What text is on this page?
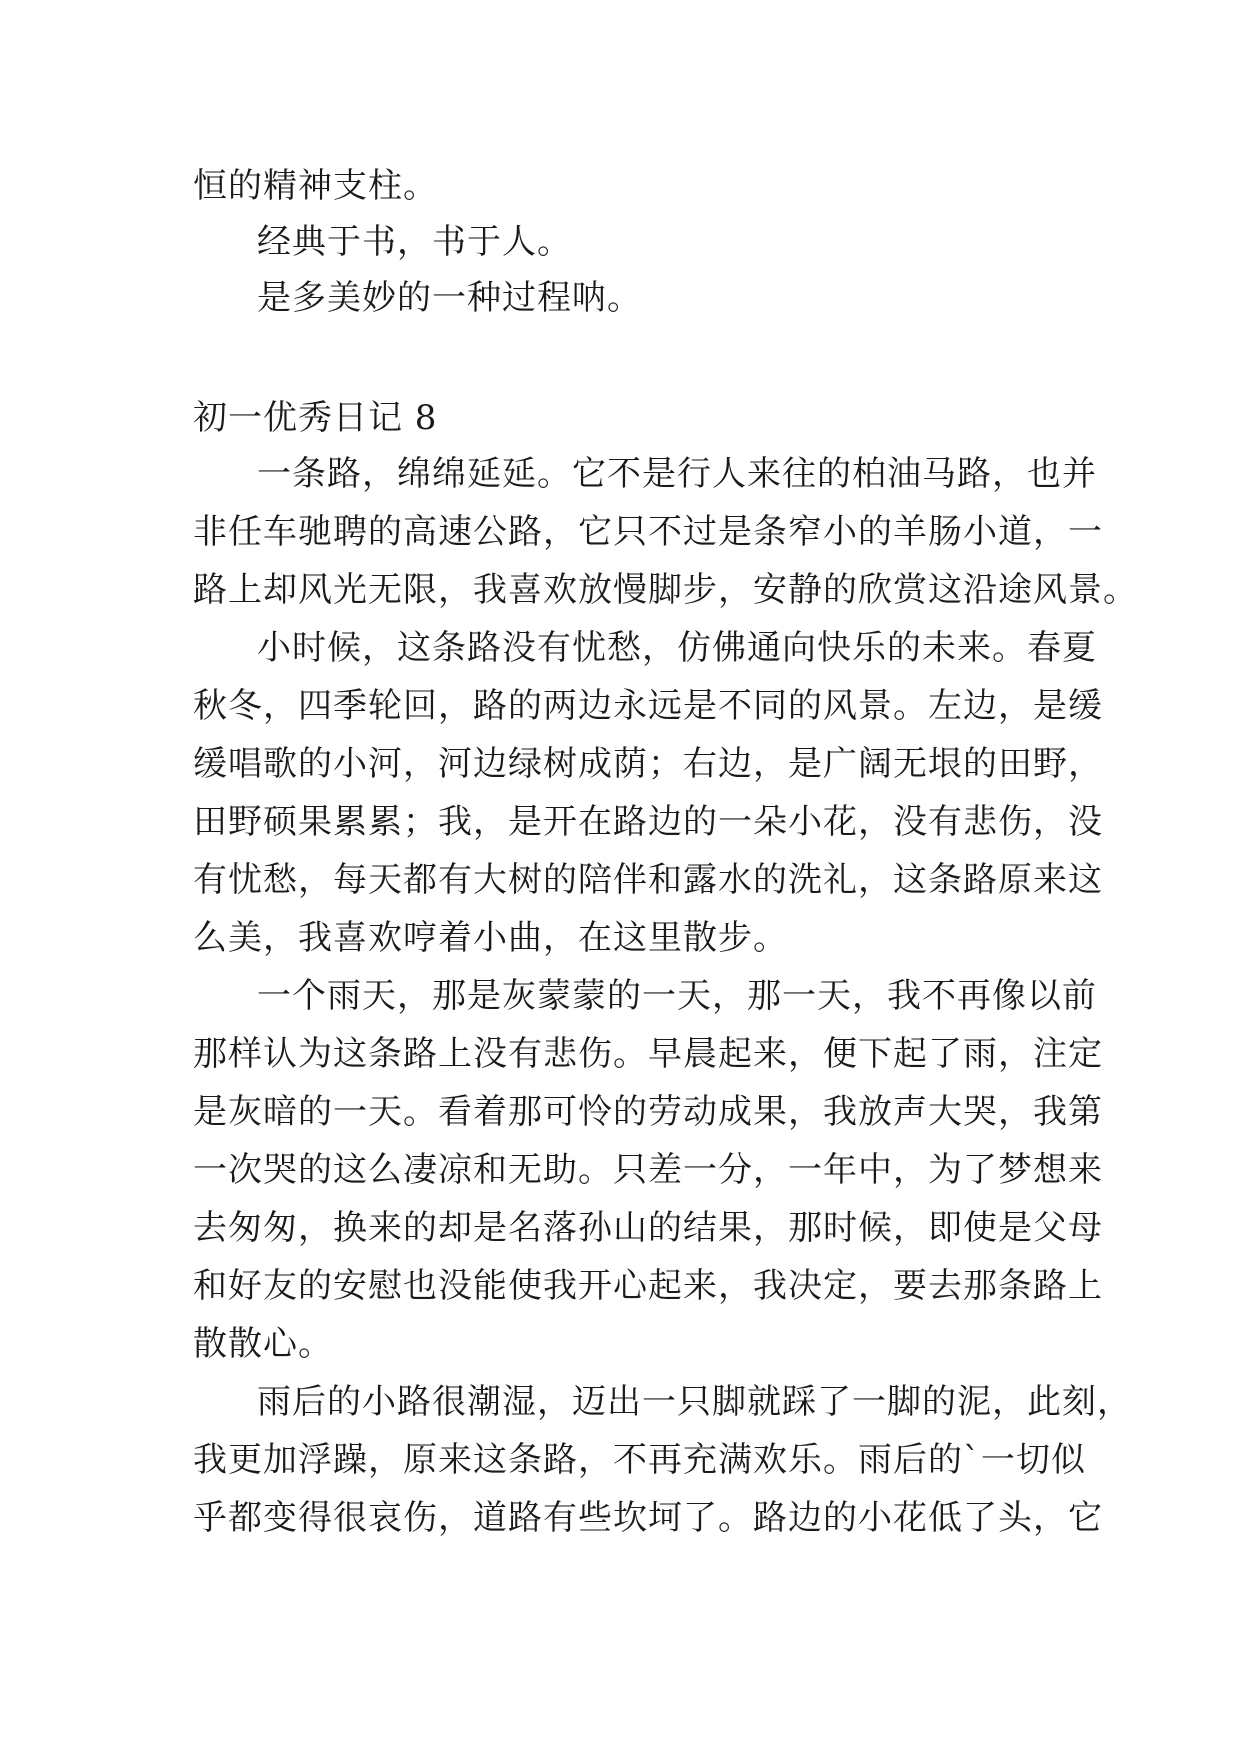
恒的精神支柱。
经典于书，书于人。
是多美妙的一种过程呐。
初一优秀日记 8
一条路，绵绵延延。它不是行人来往的柏油马路，也并
非任车驰聘的高速公路，它只不过是条窄小的羊肠小道，一
路上却风光无限，我喜欢放慢脚步，安静的欣赏这沿途风景。
小时候，这条路没有忧愁，仿佛通向快乐的未来。春夏
秋冬，四季轮回，路的两边永远是不同的风景。左边，是缓
缓唱歌的小河，河边绿树成荫；右边，是广阔无垠的田野，
田野硕果累累；我，是开在路边的一朵小花，没有悲伤，没
有忧愁，每天都有大树的陪伴和露水的洗礼，这条路原来这
么美，我喜欢哼着小曲，在这里散步。
一个雨天，那是灰蒙蒙的一天，那一天，我不再像以前
那样认为这条路上没有悲伤。早晨起来，便下起了雨，注定
是灰暗的一天。看着那可怜的劳动成果，我放声大哭，我第
一次哭的这么凄凉和无助。只差一分，一年中，为了梦想来
去匆匆，换来的却是名落孙山的结果，那时候，即使是父母
和好友的安慰也没能使我开心起来，我决定，要去那条路上
散散心。
雨后的小路很潮湿，迈出一只脚就踩了一脚的泥，此刻，
我更加浮躁，原来这条路，不再充满欢乐。雨后的`一切似
乎都变得很哀伤，道路有些坎坷了。路边的小花低了头，它
